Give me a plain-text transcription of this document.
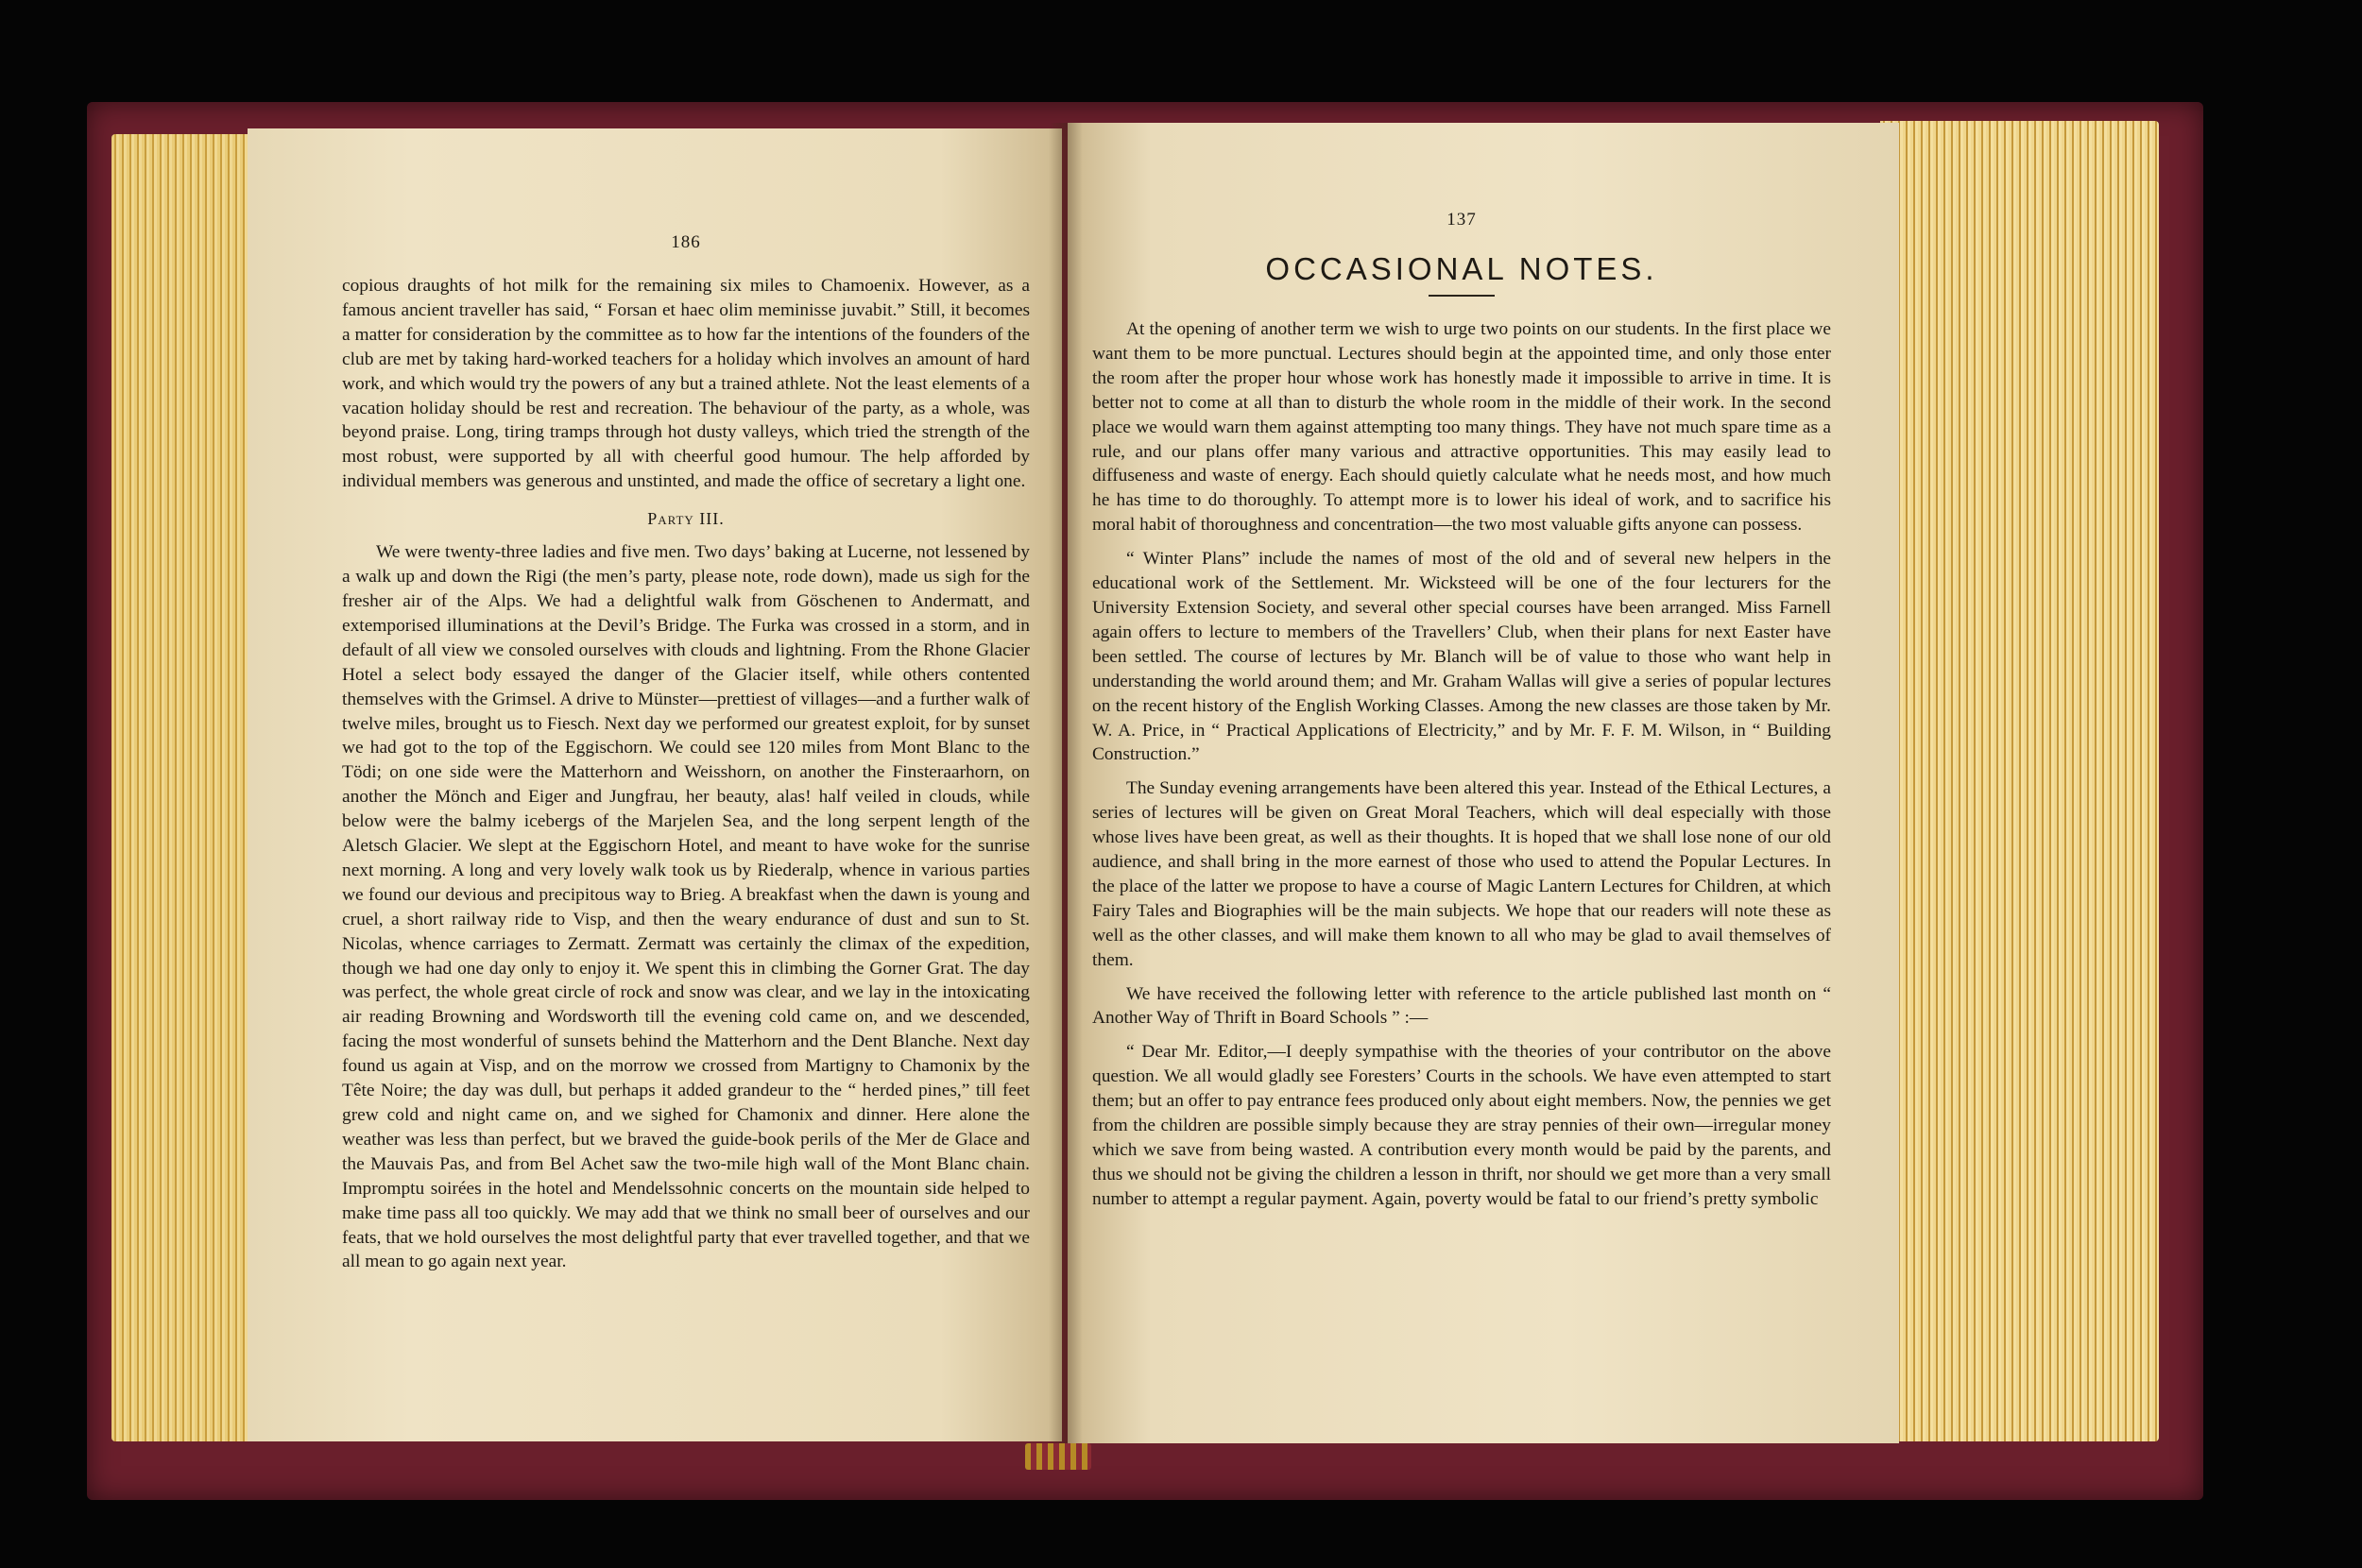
186

copious draughts of hot milk for the remaining six miles to Chamoenix. However, as a famous ancient traveller has said, “ Forsan et haec olim meminisse juvabit.” Still, it becomes a matter for consideration by the committee as to how far the intentions of the founders of the club are met by taking hard-worked teachers for a holiday which involves an amount of hard work, and which would try the powers of any but a trained athlete. Not the least elements of a vacation holiday should be rest and recreation. The behaviour of the party, as a whole, was beyond praise. Long, tiring tramps through hot dusty valleys, which tried the strength of the most robust, were supported by all with cheerful good humour. The help afforded by individual members was generous and unstinted, and made the office of secretary a light one.

Party III.

We were twenty-three ladies and five men. Two days’ baking at Lucerne, not lessened by a walk up and down the Rigi (the men’s party, please note, rode down), made us sigh for the fresher air of the Alps. We had a delightful walk from Göschenen to Andermatt, and extemporised illuminations at the Devil’s Bridge. The Furka was crossed in a storm, and in default of all view we consoled ourselves with clouds and lightning. From the Rhone Glacier Hotel a select body essayed the danger of the Glacier itself, while others contented themselves with the Grimsel. A drive to Münster—prettiest of villages—and a further walk of twelve miles, brought us to Fiesch. Next day we performed our greatest exploit, for by sunset we had got to the top of the Eggischorn. We could see 120 miles from Mont Blanc to the Tödi; on one side were the Matterhorn and Weisshorn, on another the Finsteraarhorn, on another the Mönch and Eiger and Jungfrau, her beauty, alas! half veiled in clouds, while below were the balmy icebergs of the Marjelen Sea, and the long serpent length of the Aletsch Glacier. We slept at the Eggischorn Hotel, and meant to have woke for the sunrise next morning. A long and very lovely walk took us by Riederalp, whence in various parties we found our devious and precipitous way to Brieg. A breakfast when the dawn is young and cruel, a short railway ride to Visp, and then the weary endurance of dust and sun to St. Nicolas, whence carriages to Zermatt. Zermatt was certainly the climax of the expedition, though we had one day only to enjoy it. We spent this in climbing the Gorner Grat. The day was perfect, the whole great circle of rock and snow was clear, and we lay in the intoxicating air reading Browning and Wordsworth till the evening cold came on, and we descended, facing the most wonderful of sunsets behind the Matterhorn and the Dent Blanche. Next day found us again at Visp, and on the morrow we crossed from Martigny to Chamonix by the Tête Noire; the day was dull, but perhaps it added grandeur to the “ herded pines,” till feet grew cold and night came on, and we sighed for Chamonix and dinner. Here alone the weather was less than perfect, but we braved the guide-book perils of the Mer de Glace and the Mauvais Pas, and from Bel Achet saw the two-mile high wall of the Mont Blanc chain. Impromptu soirées in the hotel and Mendelssohnic concerts on the mountain side helped to make time pass all too quickly. We may add that we think no small beer of ourselves and our feats, that we hold ourselves the most delightful party that ever travelled together, and that we all mean to go again next year.

137
OCCASIONAL NOTES.

At the opening of another term we wish to urge two points on our students. In the first place we want them to be more punctual. Lectures should begin at the appointed time, and only those enter the room after the proper hour whose work has honestly made it impossible to arrive in time. It is better not to come at all than to disturb the whole room in the middle of their work. In the second place we would warn them against attempting too many things. They have not much spare time as a rule, and our plans offer many various and attractive opportunities. This may easily lead to diffuseness and waste of energy. Each should quietly calculate what he needs most, and how much he has time to do thoroughly. To attempt more is to lower his ideal of work, and to sacrifice his moral habit of thoroughness and concentration—the two most valuable gifts anyone can possess.

“ Winter Plans” include the names of most of the old and of several new helpers in the educational work of the Settlement. Mr. Wicksteed will be one of the four lecturers for the University Extension Society, and several other special courses have been arranged. Miss Farnell again offers to lecture to members of the Travellers’ Club, when their plans for next Easter have been settled. The course of lectures by Mr. Blanch will be of value to those who want help in understanding the world around them; and Mr. Graham Wallas will give a series of popular lectures on the recent history of the English Working Classes. Among the new classes are those taken by Mr. W. A. Price, in “ Practical Applications of Electricity,” and by Mr. F. F. M. Wilson, in “ Building Construction.”

The Sunday evening arrangements have been altered this year. Instead of the Ethical Lectures, a series of lectures will be given on Great Moral Teachers, which will deal especially with those whose lives have been great, as well as their thoughts. It is hoped that we shall lose none of our old audience, and shall bring in the more earnest of those who used to attend the Popular Lectures. In the place of the latter we propose to have a course of Magic Lantern Lectures for Children, at which Fairy Tales and Biographies will be the main subjects. We hope that our readers will note these as well as the other classes, and will make them known to all who may be glad to avail themselves of them.

We have received the following letter with reference to the article published last month on “ Another Way of Thrift in Board Schools ” :—

“ Dear Mr. Editor,—I deeply sympathise with the theories of your contributor on the above question. We all would gladly see Foresters’ Courts in the schools. We have even attempted to start them; but an offer to pay entrance fees produced only about eight members. Now, the pennies we get from the children are possible simply because they are stray pennies of their own—irregular money which we save from being wasted. A contribution every month would be paid by the parents, and thus we should not be giving the children a lesson in thrift, nor should we get more than a very small number to attempt a regular payment. Again, poverty would be fatal to our friend’s pretty symbolic
